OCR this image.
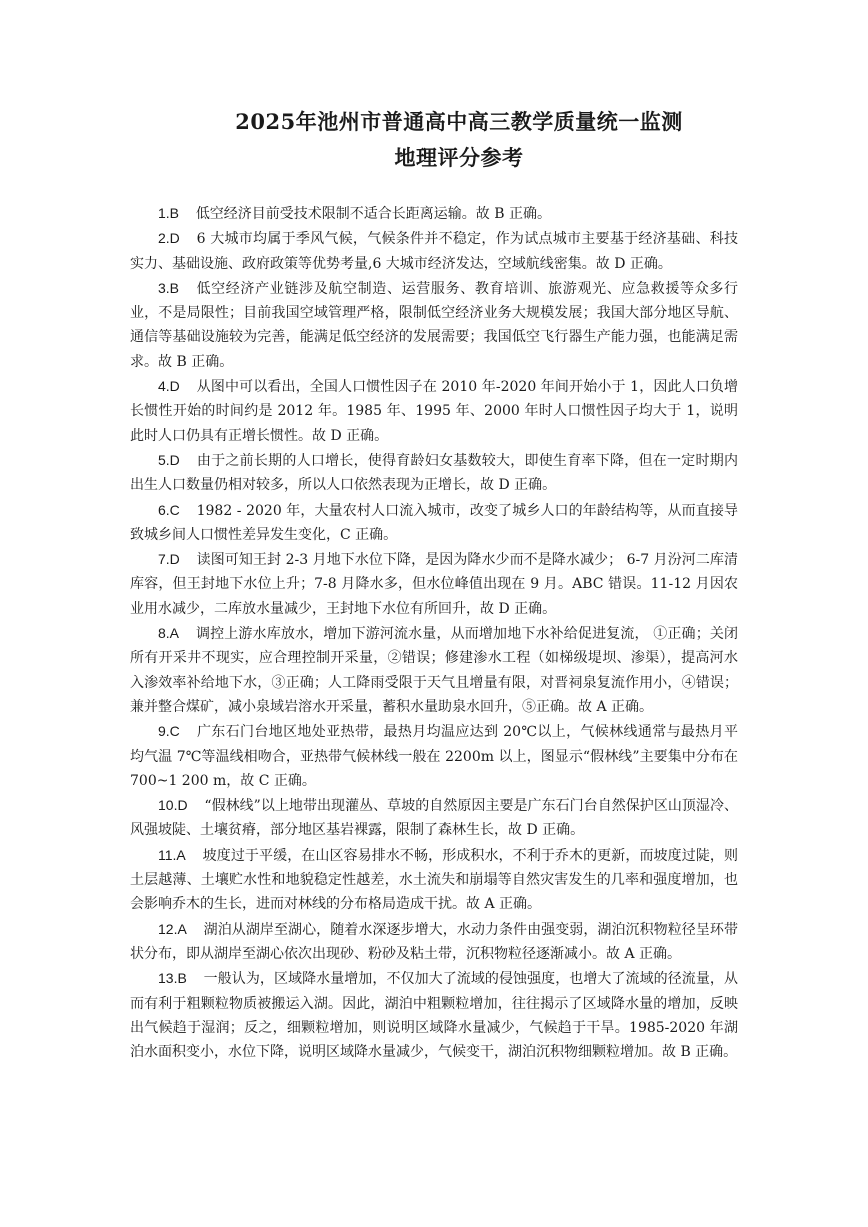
2025年池州市普通高中高三教学质量统一监测
地理评分参考

1.B 低空经济目前受技术限制不适合长距离运输。故 B 正确。

2.D 6 大城市均属于季风气候，气候条件并不稳定，作为试点城市主要基于经济基础、科技实力、基础设施、政府政策等优势考量,6 大城市经济发达，空域航线密集。故 D 正确。

3.B 低空经济产业链涉及航空制造、运营服务、教育培训、旅游观光、应急救援等众多行业，不是局限性；目前我国空域管理严格，限制低空经济业务大规模发展；我国大部分地区导航、通信等基础设施较为完善，能满足低空经济的发展需要；我国低空飞行器生产能力强，也能满足需求。故 B 正确。

4.D 从图中可以看出，全国人口惯性因子在 2010 年-2020 年间开始小于 1，因此人口负增长惯性开始的时间约是 2012 年。1985 年、1995 年、2000 年时人口惯性因子均大于 1，说明此时人口仍具有正增长惯性。故 D 正确。

5.D 由于之前长期的人口增长，使得育龄妇女基数较大，即使生育率下降，但在一定时期内出生人口数量仍相对较多，所以人口依然表现为正增长，故 D 正确。

6.C 1982 - 2020 年，大量农村人口流入城市，改变了城乡人口的年龄结构等，从而直接导致城乡间人口惯性差异发生变化，C 正确。

7.D 读图可知王封 2-3 月地下水位下降，是因为降水少而不是降水减少； 6-7 月汾河二库清库容，但王封地下水位上升；7-8 月降水多，但水位峰值出现在 9 月。ABC 错误。11-12 月因农业用水减少，二库放水量减少，王封地下水位有所回升，故 D 正确。

8.A 调控上游水库放水，增加下游河流水量，从而增加地下水补给促进复流， ①正确；关闭所有开采井不现实，应合理控制开采量，②错误；修建渗水工程（如梯级堤坝、渗渠），提高河水入渗效率补给地下水，③正确；人工降雨受限于天气且增量有限，对晋祠泉复流作用小，④错误；兼并整合煤矿，减小泉域岩溶水开采量，蓄积水量助泉水回升，⑤正确。故 A 正确。

9.C 广东石门台地区地处亚热带，最热月均温应达到 20℃以上，气候林线通常与最热月平均气温 7℃等温线相吻合，亚热带气候林线一般在 2200m 以上，图显示“假林线”主要集中分布在 700~1 200 m，故 C 正确。

10.D “假林线”以上地带出现灌丛、草坡的自然原因主要是广东石门台自然保护区山顶湿冷、风强坡陡、土壤贫瘠，部分地区基岩裸露，限制了森林生长，故 D 正确。

11.A 坡度过于平缓，在山区容易排水不畅，形成积水，不利于乔木的更新，而坡度过陡，则土层越薄、土壤贮水性和地貌稳定性越差，水土流失和崩塌等自然灾害发生的几率和强度增加，也会影响乔木的生长，进而对林线的分布格局造成干扰。故 A 正确。

12.A 湖泊从湖岸至湖心，随着水深逐步增大，水动力条件由强变弱，湖泊沉积物粒径呈环带状分布，即从湖岸至湖心依次出现砂、粉砂及粘土带，沉积物粒径逐渐减小。故 A 正确。

13.B 一般认为，区域降水量增加，不仅加大了流域的侵蚀强度，也增大了流域的径流量，从而有利于粗颗粒物质被搬运入湖。因此，湖泊中粗颗粒增加，往往揭示了区域降水量的增加，反映出气候趋于湿润；反之，细颗粒增加，则说明区域降水量减少，气候趋于干旱。1985-2020 年湖泊水面积变小，水位下降，说明区域降水量减少，气候变干，湖泊沉积物细颗粒增加。故 B 正确。
